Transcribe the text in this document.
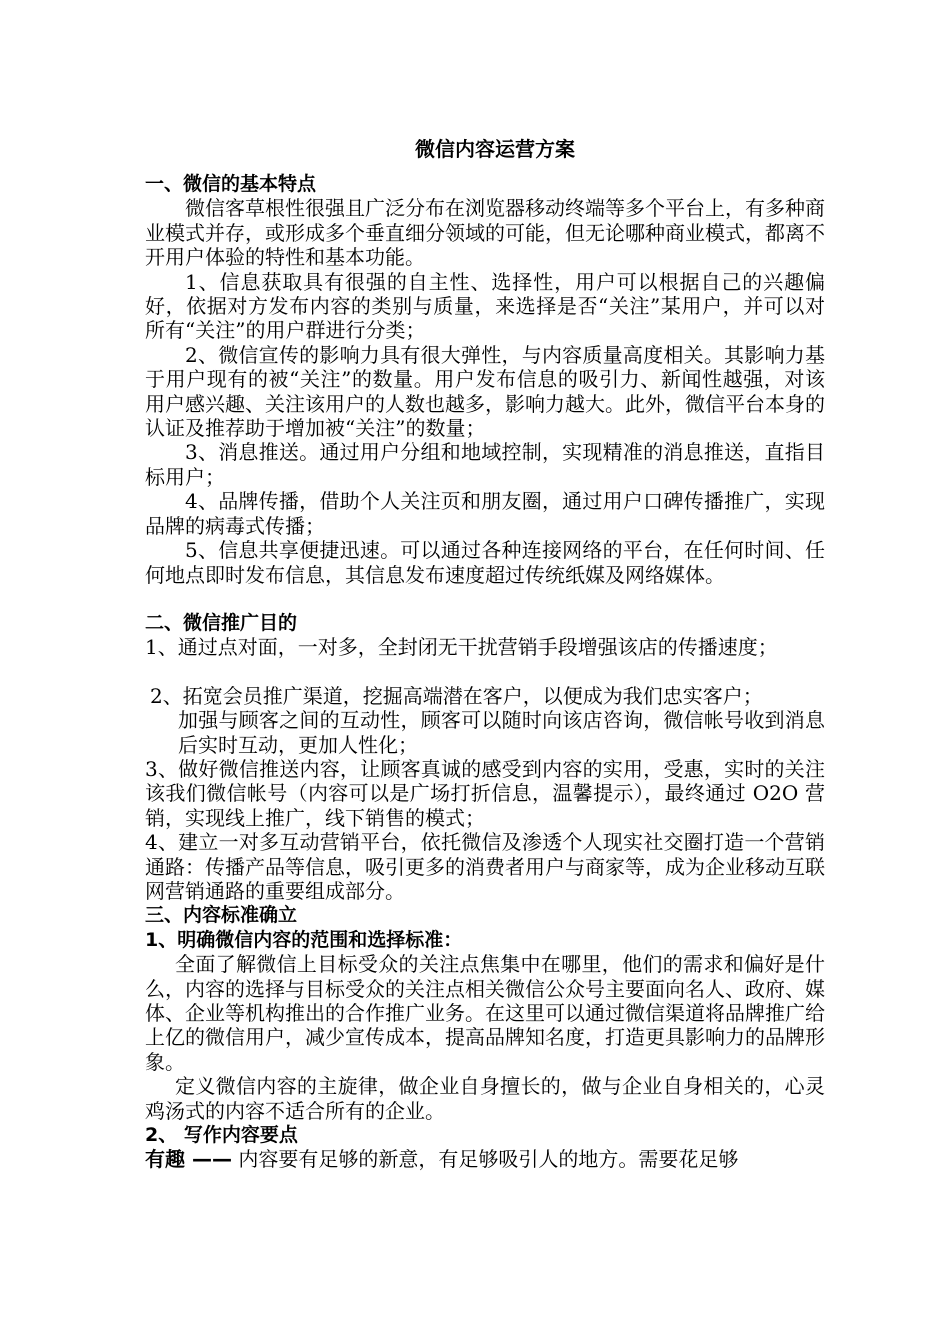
微信内容运营方案
一、微信的基本特点

微信客草根性很强且广泛分布在浏览器移动终端等多个平台上，有多种商业模式并存，或形成多个垂直细分领域的可能，但无论哪种商业模式，都离不开用户体验的特性和基本功能。

1、信息获取具有很强的自主性、选择性，用户可以根据自己的兴趣偏好，依据对方发布内容的类别与质量，来选择是否“关注”某用户，并可以对所有“关注”的用户群进行分类；

2、微信宣传的影响力具有很大弹性，与内容质量高度相关。其影响力基于用户现有的被“关注”的数量。用户发布信息的吸引力、新闻性越强，对该用户感兴趣、关注该用户的人数也越多，影响力越大。此外，微信平台本身的认证及推荐助于增加被“关注”的数量；

3、消息推送。通过用户分组和地域控制，实现精准的消息推送，直指目标用户；

4、品牌传播，借助个人关注页和朋友圈，通过用户口碑传播推广，实现品牌的病毒式传播；

5、信息共享便捷迅速。可以通过各种连接网络的平台，在任何时间、任何地点即时发布信息，其信息发布速度超过传统纸媒及网络媒体。

二、微信推广目的

1、通过点对面，一对多，全封闭无干扰营销手段增强该店的传播速度；

2、拓宽会员推广渠道，挖掘高端潜在客户，以便成为我们忠实客户；

加强与顾客之间的互动性，顾客可以随时向该店咨询，微信帐号收到消息后实时互动，更加人性化；

3、做好微信推送内容，让顾客真诚的感受到内容的实用，受惠，实时的关注该我们微信帐号（内容可以是广场打折信息，温馨提示），最终通过 O2O 营销，实现线上推广，线下销售的模式；

4、建立一对多互动营销平台，依托微信及渗透个人现实社交圈打造一个营销通路：传播产品等信息，吸引更多的消费者用户与商家等，成为企业移动互联网营销通路的重要组成部分。

三、内容标准确立
1、明确微信内容的范围和选择标准：

全面了解微信上目标受众的关注点焦集中在哪里，他们的需求和偏好是什么，内容的选择与目标受众的关注点相关微信公众号主要面向名人、政府、媒体、企业等机构推出的合作推广业务。在这里可以通过微信渠道将品牌推广给上亿的微信用户，减少宣传成本，提高品牌知名度，打造更具影响力的品牌形象。

定义微信内容的主旋律，做企业自身擅长的，做与企业自身相关的，心灵鸡汤式的内容不适合所有的企业。

2、 写作内容要点

有趣 —— 内容要有足够的新意，有足够吸引人的地方。需要花足够
